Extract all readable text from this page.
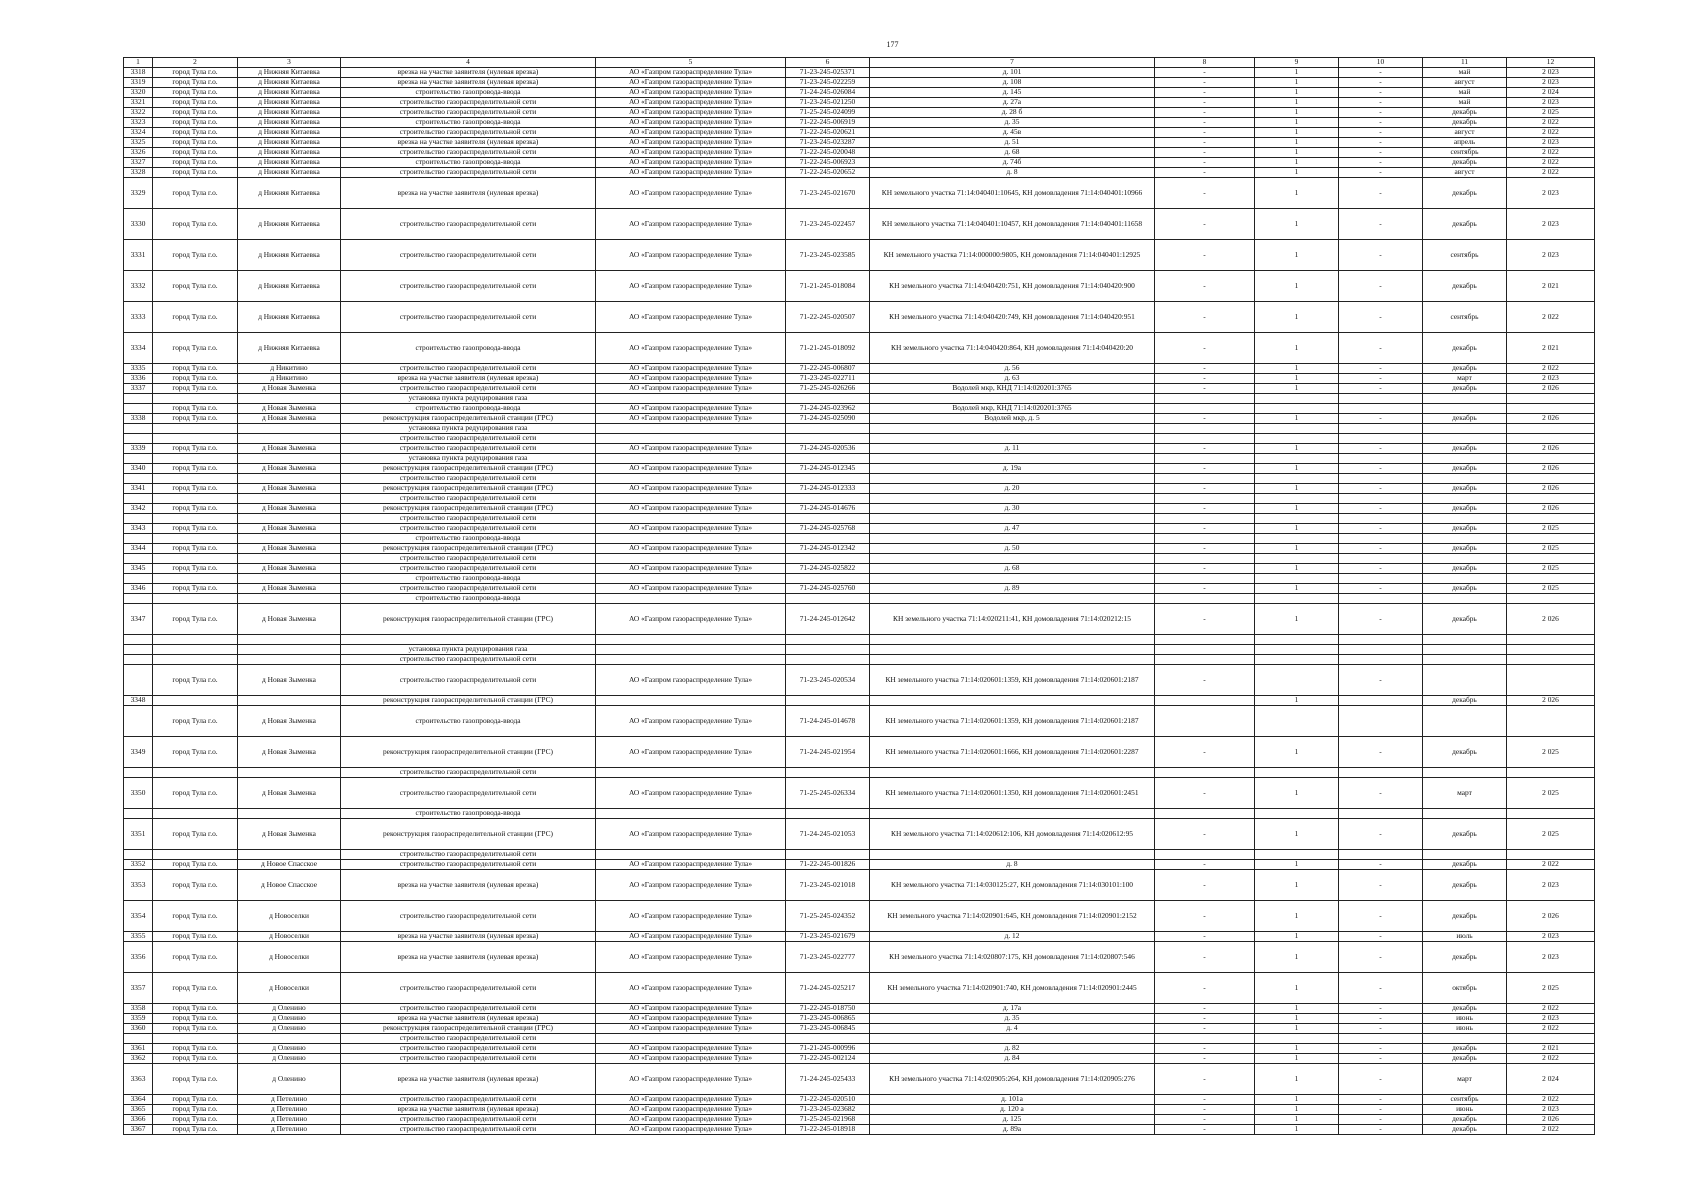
177
1	2	3	4	5	6	7	8	9	10	11	12
3318	город Тула г.о.	д Нижняя Китаевка	врезка на участке заявителя (нулевая врезка)	АО «Газпром газораспределение Тула»	71-23-245-025371	д. 101	-	1	-	май	2 023
3319	город Тула г.о.	д Нижняя Китаевка	врезка на участке заявителя (нулевая врезка)	АО «Газпром газораспределение Тула»	71-23-245-022259	д. 108	-	1	-	август	2 023
3320	город Тула г.о.	д Нижняя Китаевка	строительство газопровода-ввода	АО «Газпром газораспределение Тула»	71-24-245-026084	д. 145	-	1	-	май	2 024
3321	город Тула г.о.	д Нижняя Китаевка	строительство газораспределительной сети	АО «Газпром газораспределение Тула»	71-23-245-021250	д. 27а	-	1	-	май	2 023
3322	город Тула г.о.	д Нижняя Китаевка	строительство газораспределительной сети	АО «Газпром газораспределение Тула»	71-25-245-024099	д. 28 б	-	1	-	декабрь	2 025
3323	город Тула г.о.	д Нижняя Китаевка	строительство газопровода-ввода	АО «Газпром газораспределение Тула»	71-22-245-006919	д. 35	-	1	-	декабрь	2 022
3324	город Тула г.о.	д Нижняя Китаевка	строительство газораспределительной сети	АО «Газпром газораспределение Тула»	71-22-245-020621	д. 45в	-	1	-	август	2 022
3325	город Тула г.о.	д Нижняя Китаевка	врезка на участке заявителя (нулевая врезка)	АО «Газпром газораспределение Тула»	71-23-245-023287	д. 51	-	1	-	апрель	2 023
3326	город Тула г.о.	д Нижняя Китаевка	строительство газораспределительной сети	АО «Газпром газораспределение Тула»	71-22-245-020048	д. 68	-	1	-	сентябрь	2 022
3327	город Тула г.о.	д Нижняя Китаевка	строительство газопровода-ввода	АО «Газпром газораспределение Тула»	71-22-245-006923	д. 74б	-	1	-	декабрь	2 022
3328	город Тула г.о.	д Нижняя Китаевка	строительство газораспределительной сети	АО «Газпром газораспределение Тула»	71-22-245-020652	д. 8	-	1	-	август	2 022
3329	город Тула г.о.	д Нижняя Китаевка	врезка на участке заявителя (нулевая врезка)	АО «Газпром газораспределение Тула»	71-23-245-021670	КН земельного участка 71:14:040401:10645, КН домовладения 71:14:040401:10966	-	1	-	декабрь	2 023
3330	город Тула г.о.	д Нижняя Китаевка	строительство газораспределительной сети	АО «Газпром газораспределение Тула»	71-23-245-022457	КН земельного участка 71:14:040401:10457, КН домовладения 71:14:040401:11658	-	1	-	декабрь	2 023
3331	город Тула г.о.	д Нижняя Китаевка	строительство газораспределительной сети	АО «Газпром газораспределение Тула»	71-23-245-023585	КН земельного участка 71:14:000000:9805, КН домовладения 71:14:040401:12925	-	1	-	сентябрь	2 023
3332	город Тула г.о.	д Нижняя Китаевка	строительство газораспределительной сети	АО «Газпром газораспределение Тула»	71-21-245-018084	КН земельного участка 71:14:040420:751, КН домовладения 71:14:040420:900	-	1	-	декабрь	2 021
3333	город Тула г.о.	д Нижняя Китаевка	строительство газораспределительной сети	АО «Газпром газораспределение Тула»	71-22-245-020507	КН земельного участка 71:14:040420:749, КН домовладения 71:14:040420:951	-	1	-	сентябрь	2 022
3334	город Тула г.о.	д Нижняя Китаевка	строительство газопровода-ввода	АО «Газпром газораспределение Тула»	71-21-245-018092	КН земельного участка 71:14:040420:864, КН домовладения 71:14:040420:20	-	1	-	декабрь	2 021
3335	город Тула г.о.	д Никитино	строительство газораспределительной сети	АО «Газпром газораспределение Тула»	71-22-245-006807	д. 56	-	1	-	декабрь	2 022
3336	город Тула г.о.	д Никитино	врезка на участке заявителя (нулевая врезка)	АО «Газпром газораспределение Тула»	71-23-245-022711	д. 63	-	1	-	март	2 023
3337	город Тула г.о.	д Новая Зыменка	строительство газораспределительной сети	АО «Газпром газораспределение Тула»	71-25-245-026266	Водолей мкр, КНД 71:14:020201:3765	-	1	-	декабрь	2 026
			установка пункта редуцирования газа								
	город Тула г.о.	д Новая Зыменка	строительство газопровода-ввода	АО «Газпром газораспределение Тула»	71-24-245-023962	Водолей мкр, КНД 71:14:020201:3765					
3338	город Тула г.о.	д Новая Зыменка	реконструкция газораспределительной станции (ГРС)	АО «Газпром газораспределение Тула»	71-24-245-025090	Водолей мкр, д. 5	-	1	-	декабрь	2 026
			установка пункта редуцирования газа								
			строительство газораспределительной сети								
3339	город Тула г.о.	д Новая Зыменка	строительство газораспределительной сети	АО «Газпром газораспределение Тула»	71-24-245-020536	д. 11	-	1	-	декабрь	2 026
			установка пункта редуцирования газа								
3340	город Тула г.о.	д Новая Зыменка	реконструкция газораспределительной станции (ГРС)	АО «Газпром газораспределение Тула»	71-24-245-012345	д. 19а	-	1	-	декабрь	2 026
			строительство газораспределительной сети								
3341	город Тула г.о.	д Новая Зыменка	реконструкция газораспределительной станции (ГРС)	АО «Газпром газораспределение Тула»	71-24-245-012333	д. 20	-	1	-	декабрь	2 026
			строительство газораспределительной сети								
3342	город Тула г.о.	д Новая Зыменка	реконструкция газораспределительной станции (ГРС)	АО «Газпром газораспределение Тула»	71-24-245-014676	д. 30	-	1	-	декабрь	2 026
			строительство газораспределительной сети								
3343	город Тула г.о.	д Новая Зыменка	строительство газораспределительной сети	АО «Газпром газораспределение Тула»	71-24-245-025768	д. 47	-	1	-	декабрь	2 025
			строительство газопровода-ввода								
3344	город Тула г.о.	д Новая Зыменка	реконструкция газораспределительной станции (ГРС)	АО «Газпром газораспределение Тула»	71-24-245-012342	д. 50	-	1	-	декабрь	2 025
			строительство газораспределительной сети								
3345	город Тула г.о.	д Новая Зыменка	строительство газораспределительной сети	АО «Газпром газораспределение Тула»	71-24-245-025822	д. 68	-	1	-	декабрь	2 025
			строительство газопровода-ввода								
3346	город Тула г.о.	д Новая Зыменка	строительство газораспределительной сети	АО «Газпром газораспределение Тула»	71-24-245-025760	д. 89	-	1	-	декабрь	2 025
			строительство газопровода-ввода								
3347	город Тула г.о.	д Новая Зыменка	реконструкция газораспределительной станции (ГРС)	АО «Газпром газораспределение Тула»	71-24-245-012642	КН земельного участка 71:14:020211:41, КН домовладения 71:14:020212:15	-	1	-	декабрь	2 026

			установка пункта редуцирования газа								
			строительство газораспределительной сети								
	город Тула г.о.	д Новая Зыменка	строительство газораспределительной сети	АО «Газпром газораспределение Тула»	71-23-245-020534	КН земельного участка 71:14:020601:1359, КН домовладения 71:14:020601:2187	-		-		
3348			реконструкция газораспределительной станции (ГРС)					1		декабрь	2 026
	город Тула г.о.	д Новая Зыменка	строительство газопровода-ввода	АО «Газпром газораспределение Тула»	71-24-245-014678	КН земельного участка 71:14:020601:1359, КН домовладения 71:14:020601:2187					
3349	город Тула г.о.	д Новая Зыменка	реконструкция газораспределительной станции (ГРС)	АО «Газпром газораспределение Тула»	71-24-245-021954	КН земельного участка 71:14:020601:1666, КН домовладения 71:14:020601:2287	-	1	-	декабрь	2 025
			строительство газораспределительной сети								
3350	город Тула г.о.	д Новая Зыменка	строительство газораспределительной сети	АО «Газпром газораспределение Тула»	71-25-245-026334	КН земельного участка 71:14:020601:1350, КН домовладения 71:14:020601:2451	-	1	-	март	2 025
			строительство газопровода-ввода								
3351	город Тула г.о.	д Новая Зыменка	реконструкция газораспределительной станции (ГРС)	АО «Газпром газораспределение Тула»	71-24-245-021053	КН земельного участка 71:14:020612:106, КН домовладения 71:14:020612:95	-	1	-	декабрь	2 025
			строительство газораспределительной сети								
3352	город Тула г.о.	д Новое Спасское	строительство газораспределительной сети	АО «Газпром газораспределение Тула»	71-22-245-001826	д. 8	-	1	-	декабрь	2 022
3353	город Тула г.о.	д Новое Спасское	врезка на участке заявителя (нулевая врезка)	АО «Газпром газораспределение Тула»	71-23-245-021018	КН земельного участка 71:14:030125:27, КН домовладения 71:14:030101:100	-	1	-	декабрь	2 023
3354	город Тула г.о.	д Новоселки	строительство газораспределительной сети	АО «Газпром газораспределение Тула»	71-25-245-024352	КН земельного участка 71:14:020901:645, КН домовладения 71:14:020901:2152	-	1	-	декабрь	2 026
3355	город Тула г.о.	д Новоселки	врезка на участке заявителя (нулевая врезка)	АО «Газпром газораспределение Тула»	71-23-245-021679	д. 12	-	1	-	июль	2 023
3356	город Тула г.о.	д Новоселки	врезка на участке заявителя (нулевая врезка)	АО «Газпром газораспределение Тула»	71-23-245-022777	КН земельного участка 71:14:020807:175, КН домовладения 71:14:020807:546	-	1	-	декабрь	2 023
3357	город Тула г.о.	д Новоселки	строительство газораспределительной сети	АО «Газпром газораспределение Тула»	71-24-245-025217	КН земельного участка 71:14:020901:740, КН домовладения 71:14:020901:2445	-	1	-	октябрь	2 025
3358	город Тула г.о.	д Оленино	строительство газораспределительной сети	АО «Газпром газораспределение Тула»	71-22-245-018750	д. 17а	-	1	-	декабрь	2 022
3359	город Тула г.о.	д Оленино	врезка на участке заявителя (нулевая врезка)	АО «Газпром газораспределение Тула»	71-23-245-006865	д. 35	-	1	-	июнь	2 023
3360	город Тула г.о.	д Оленино	реконструкция газораспределительной станции (ГРС)	АО «Газпром газораспределение Тула»	71-23-245-006845	д. 4	-	1	-	июнь	2 022
			строительство газораспределительной сети								
3361	город Тула г.о.	д Оленино	строительство газораспределительной сети	АО «Газпром газораспределение Тула»	71-21-245-000996	д. 82	-	1	-	декабрь	2 021
3362	город Тула г.о.	д Оленино	строительство газораспределительной сети	АО «Газпром газораспределение Тула»	71-22-245-002124	д. 84	-	1	-	декабрь	2 022
3363	город Тула г.о.	д Оленино	врезка на участке заявителя (нулевая врезка)	АО «Газпром газораспределение Тула»	71-24-245-025433	КН земельного участка 71:14:020905:264, КН домовладения 71:14:020905:276	-	1	-	март	2 024
3364	город Тула г.о.	д Петелино	строительство газораспределительной сети	АО «Газпром газораспределение Тула»	71-22-245-020510	д. 101а	-	1	-	сентябрь	2 022
3365	город Тула г.о.	д Петелино	врезка на участке заявителя (нулевая врезка)	АО «Газпром газораспределение Тула»	71-23-245-023682	д. 120 а	-	1	-	июнь	2 023
3366	город Тула г.о.	д Петелино	строительство газораспределительной сети	АО «Газпром газораспределение Тула»	71-25-245-021968	д. 125	-	1	-	декабрь	2 026
3367	город Тула г.о.	д Петелино	строительство газораспределительной сети	АО «Газпром газораспределение Тула»	71-22-245-018918	д. 89а	-	1	-	декабрь	2 022
